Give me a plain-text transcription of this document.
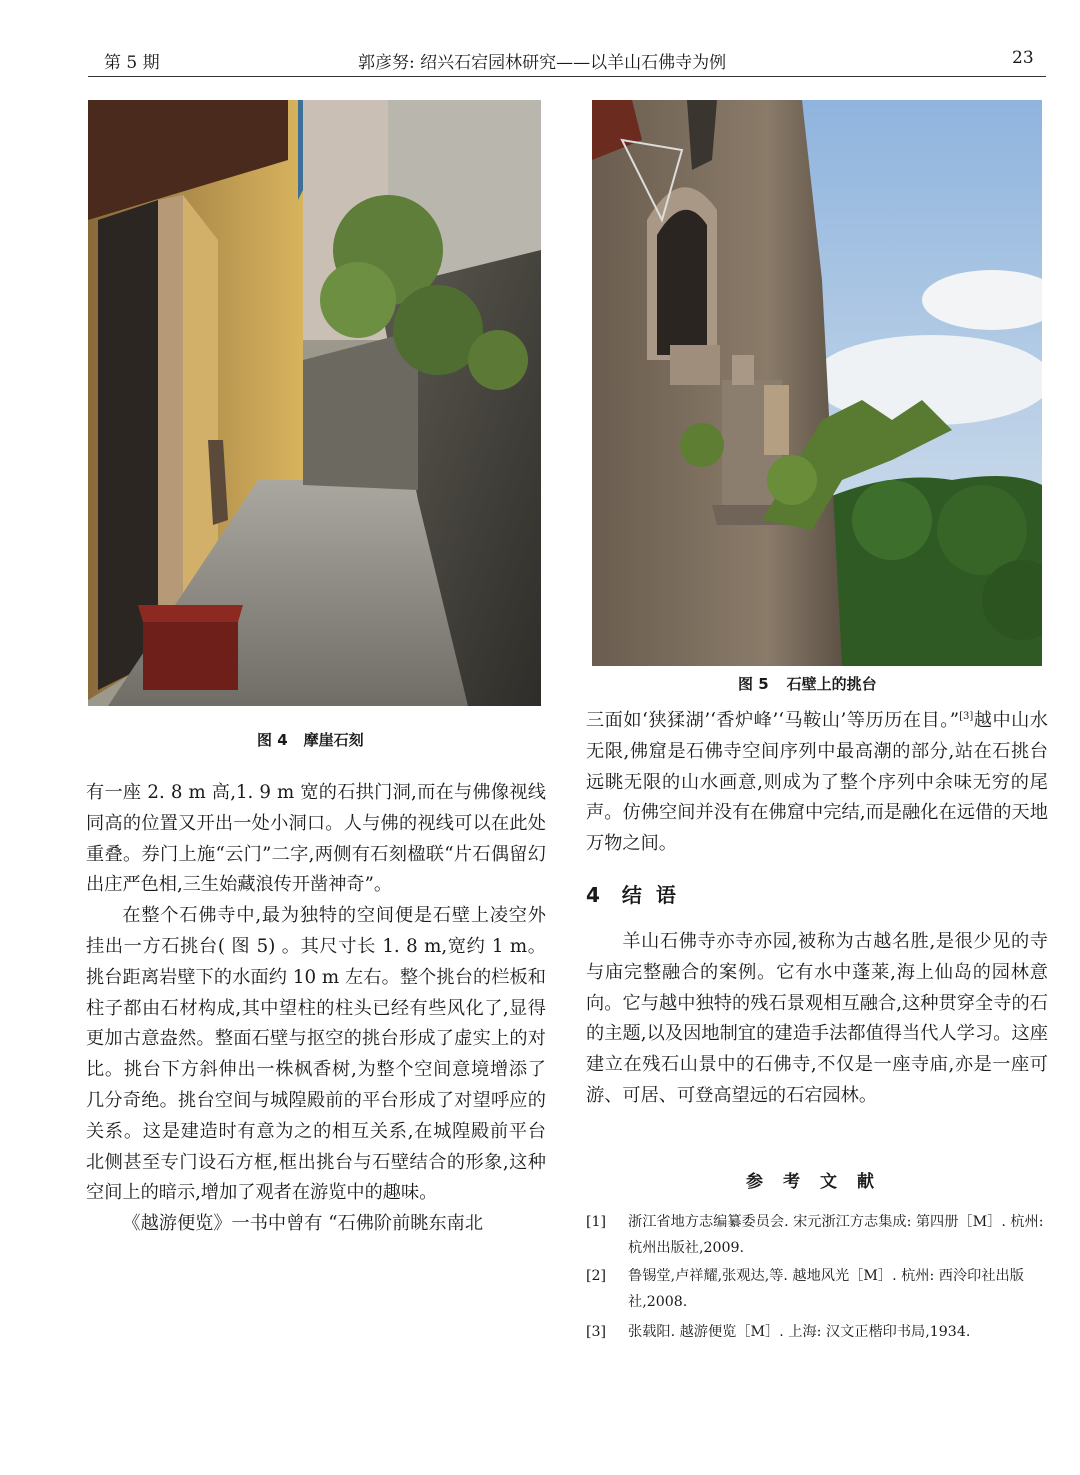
第 5 期	郭彦努: 绍兴石宕园林研究——以羊山石佛寺为例	23
图 4 摩崖石刻
图 5 石壁上的挑台

有一座 2. 8 m 高,1. 9 m 宽的石拱门洞,而在与佛像视线同高的位置又开出一处小洞口。人与佛的视线可以在此处重叠。券门上施“云门”二字,两侧有石刻楹联“片石偶留幻出庄严色相,三生始藏浪传开凿神奇”。

在整个石佛寺中,最为独特的空间便是石壁上凌空外挂出一方石挑台( 图 5) 。其尺寸长 1. 8 m,宽约 1 m。挑台距离岩壁下的水面约 10 m 左右。整个挑台的栏板和柱子都由石材构成,其中望柱的柱头已经有些风化了,显得更加古意盎然。整面石壁与抠空的挑台形成了虚实上的对比。挑台下方斜伸出一株枫香树,为整个空间意境增添了几分奇绝。挑台空间与城隍殿前的平台形成了对望呼应的关系。这是建造时有意为之的相互关系,在城隍殿前平台北侧甚至专门设石方框,框出挑台与石壁结合的形象,这种空间上的暗示,增加了观者在游览中的趣味。

《越游便览》一书中曾有 “石佛阶前眺东南北

三面如‘狭猱湖’‘香炉峰’‘马鞍山’等历历在目。”[3]越中山水无限,佛窟是石佛寺空间序列中最高潮的部分,站在石挑台远眺无限的山水画意,则成为了整个序列中余味无穷的尾声。仿佛空间并没有在佛窟中完结,而是融化在远借的天地万物之间。

4 结语

羊山石佛寺亦寺亦园,被称为古越名胜,是很少见的寺与庙完整融合的案例。它有水中蓬莱,海上仙岛的园林意向。它与越中独特的残石景观相互融合,这种贯穿全寺的石的主题,以及因地制宜的建造手法都值得当代人学习。这座建立在残石山景中的石佛寺,不仅是一座寺庙,亦是一座可游、可居、可登高望远的石宕园林。

参考文献
[1] 浙江省地方志编纂委员会. 宋元浙江方志集成: 第四册［M］. 杭州: 杭州出版社,2009.
[2] 鲁锡堂,卢祥耀,张观达,等. 越地风光［M］. 杭州: 西泠印社出版社,2008.
[3] 张载阳. 越游便览［M］. 上海: 汉文正楷印书局,1934.
